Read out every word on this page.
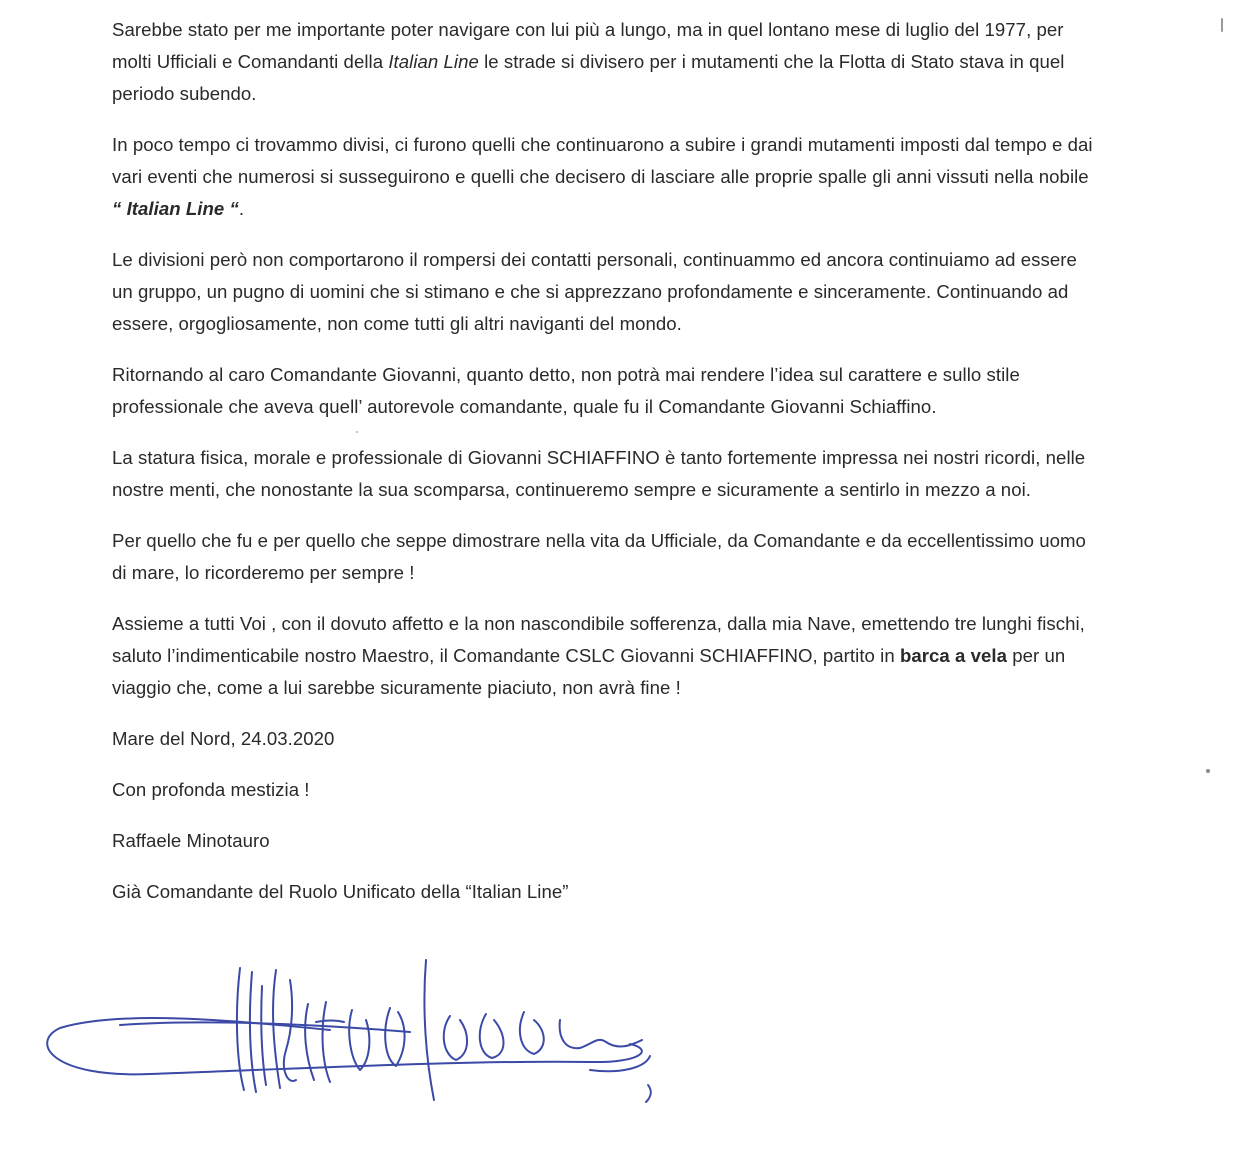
Sarebbe stato per me importante poter navigare con lui più a lungo, ma in quel lontano mese di luglio del 1977, per molti Ufficiali e Comandanti della Italian Line le strade si divisero per i mutamenti che la Flotta di Stato stava in quel periodo subendo.

In poco tempo ci trovammo divisi, ci furono quelli che continuarono a subire i grandi mutamenti imposti dal tempo e dai vari eventi che numerosi si susseguirono e quelli che decisero di lasciare alle proprie spalle gli anni vissuti nella nobile “ Italian Line “.

Le divisioni però non comportarono il rompersi dei contatti personali, continuammo ed ancora continuiamo ad essere un gruppo, un pugno di uomini che si stimano e che si apprezzano profondamente e sinceramente. Continuando ad essere, orgogliosamente, non come tutti gli altri naviganti del mondo.

Ritornando al caro Comandante Giovanni, quanto detto, non potrà mai rendere l’idea sul carattere e sullo stile professionale che aveva quell’ autorevole comandante, quale fu il Comandante Giovanni Schiaffino.

La statura fisica, morale e professionale di Giovanni SCHIAFFINO è tanto fortemente impressa nei nostri ricordi, nelle nostre menti, che nonostante la sua scomparsa, continueremo sempre e sicuramente a sentirlo in mezzo a noi.

Per quello che fu e per quello che seppe dimostrare nella vita da Ufficiale, da Comandante e da eccellentissimo uomo di mare, lo ricorderemo per sempre !

Assieme a tutti Voi , con il dovuto affetto e la non nascondibile sofferenza, dalla mia Nave, emettendo tre lunghi fischi, saluto l’indimenticabile nostro Maestro, il Comandante CSLC Giovanni SCHIAFFINO, partito in barca a vela per un viaggio che, come a lui sarebbe sicuramente piaciuto, non avrà fine !

Mare del Nord, 24.03.2020

Con profonda mestizia !

Raffaele Minotauro

Già Comandante del Ruolo Unificato della “Italian Line”
